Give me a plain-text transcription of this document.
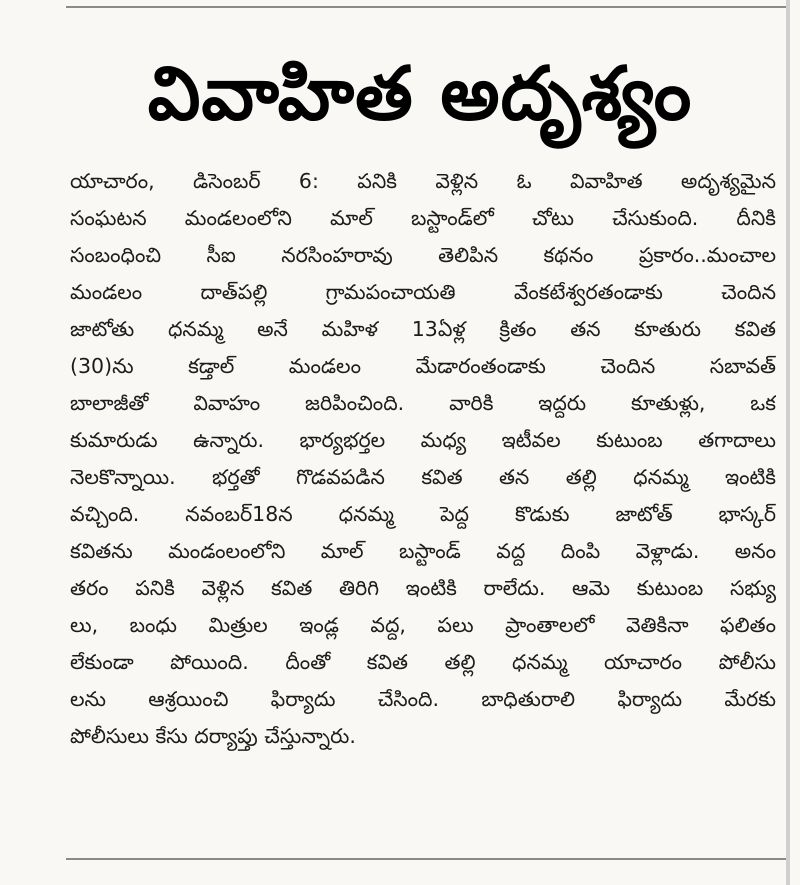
వివాహిత అదృశ్యం
యాచారం, డిసెంబర్ 6: పనికి వెళ్లిన ఓ వివాహిత అదృశ్యమైన
సంఘటన మండలంలోని మాల్ బస్టాండ్‌లో చోటు చేసుకుంది. దీనికి
సంబంధించి సీఐ నరసింహరావు తెలిపిన కథనం ప్రకారం..మంచాల
మండలం దాత్‌పల్లి గ్రామపంచాయతి వేంకటేశ్వరతండాకు చెందిన
జాటోతు ధనమ్మ అనే మహిళ 13ఏళ్ల క్రితం తన కూతురు కవిత
(30)ను కడ్తాల్ మండలం మేడారంతండాకు చెందిన సబావత్
బాలాజీతో వివాహం జరిపించింది. వారికి ఇద్దరు కూతుళ్లు, ఒక
కుమారుడు ఉన్నారు. భార్యభర్తల మధ్య ఇటీవల కుటుంబ తగాదాలు
నెలకొన్నాయి. భర్తతో గొడవపడిన కవిత తన తల్లి ధనమ్మ ఇంటికి
వచ్చింది. నవంబర్18న ధనమ్మ పెద్ద కొడుకు జాటోత్ భాస్కర్
కవితను మండంలంలోని మాల్ బస్టాండ్ వద్ద దింపి వెళ్లాడు. అనం
తరం పనికి వెళ్లిన కవిత తిరిగి ఇంటికి రాలేదు. ఆమె కుటుంబ సభ్యు
లు, బంధు మిత్రుల ఇండ్ల వద్ద, పలు ప్రాంతాలలో వెతికినా ఫలితం
లేకుండా పోయింది. దీంతో కవిత తల్లి ధనమ్మ యాచారం పోలీసు
లను ఆశ్రయించి ఫిర్యాదు చేసింది. బాధితురాలి ఫిర్యాదు మేరకు
పోలీసులు కేసు దర్యాప్తు చేస్తున్నారు.
